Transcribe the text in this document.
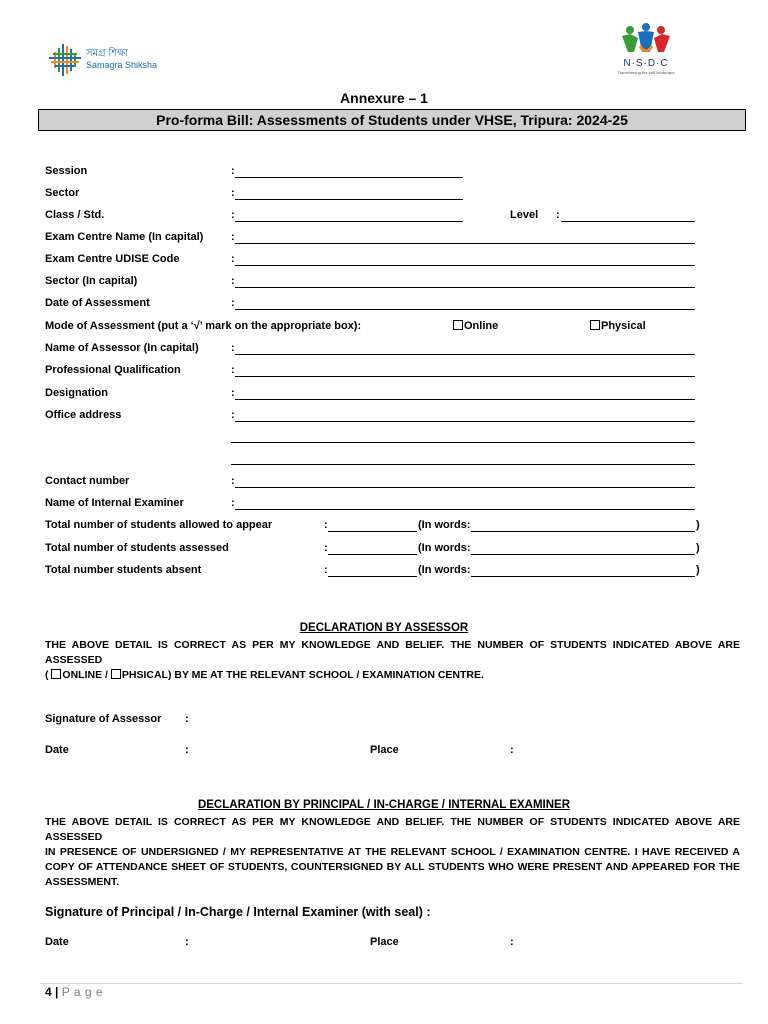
সমগ্র শিক্ষা
Samagra Shiksha	N·S·D·C
Transforming the skill landscape
Annexure – 1
Pro-forma Bill: Assessments of Students under VHSE, Tripura: 2024-25
Session	:
Sector	:
Class / Std.	:	Level :
Exam Centre Name (In capital)	:
Exam Centre UDISE Code	:
Sector (In capital)	:
Date of Assessment	:
Mode of Assessment (put a ‘√’ mark on the appropriate box):	Online	Physical
Name of Assessor (In capital)	:
Professional Qualification	:
Designation	:
Office address	:
Contact number	:
Name of Internal Examiner	:
Total number of students allowed to appear	:	(In words:	)
Total number of students assessed	:	(In words:	)
Total number students absent	:	(In words:	)
DECLARATION BY ASSESSOR
THE ABOVE DETAIL IS CORRECT AS PER MY KNOWLEDGE AND BELIEF. THE NUMBER OF STUDENTS INDICATED ABOVE ARE ASSESSED
( ONLINE / PHSICAL) BY ME AT THE RELEVANT SCHOOL / EXAMINATION CENTRE.
Signature of Assessor :
Date	:	Place	:
DECLARATION BY PRINCIPAL / IN-CHARGE / INTERNAL EXAMINER
THE ABOVE DETAIL IS CORRECT AS PER MY KNOWLEDGE AND BELIEF. THE NUMBER OF STUDENTS INDICATED ABOVE ARE ASSESSED
IN PRESENCE OF UNDERSIGNED / MY REPRESENTATIVE AT THE RELEVANT SCHOOL / EXAMINATION CENTRE. I HAVE RECEIVED A COPY OF ATTENDANCE SHEET OF STUDENTS, COUNTERSIGNED BY ALL STUDENTS WHO WERE PRESENT AND APPEARED FOR THE ASSESSMENT.
Signature of Principal / In-Charge / Internal Examiner (with seal) :
Date	:	Place	:
4 | P a g e
